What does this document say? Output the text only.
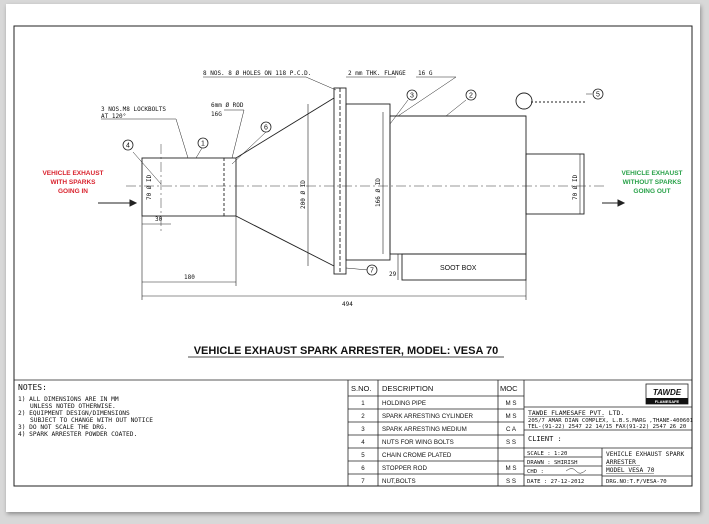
4	1
6
3	2	5
7
8 NOS. 8 Ø HOLES ON 118 P.C.D.	2 mm THK. FLANGE 16 G
3 NOS.M8 LOCKBOLTS
AT 120°
6mm Ø ROD
16G
30
180
494
29
70 Ø ID	200 Ø ID	166 Ø ID	70 Ø ID
SOOT BOX
VEHICLE EXHAUST
WITH SPARKS
GOING IN
VEHICLE EXHAUST
WITHOUT SPARKS
GOING OUT
VEHICLE EXHAUST SPARK ARRESTER, MODEL: VESA 70
NOTES:
1) ALL DIMENSIONS ARE IN MM
UNLESS NOTED OTHERWISE.
2) EQUIPMENT DESIGN/DIMENSIONS
SUBJECT TO CHANGE WITH OUT NOTICE
3) DO NOT SCALE THE DRG.
4) SPARK ARRESTER POWDER COATED.
S.NO. DESCRIPTION	MOC
1	HOLDING PIPE	M S
2	SPARK ARRESTING CYLINDER	M S
3	SPARK ARRESTING MEDIUM	C A
4	NUTS FOR WING BOLTS	S S
5	CHAIN CROME PLATED
6	STOPPER ROD	M S
7	NUT,BOLTS	S S
TAWDE
FLAMESAFE
TAWDE FLAMESAFE PVT. LTD.
205/7 AMAR DIAN COMPLEX, L.B.S.MARG ,THANE-400601
TEL-(91-22) 2547 22 14/15 FAX(91-22) 2547 26 20
CLIENT :
SCALE : 1:20
DRAWN : SHIRISH
CHD :
DATE : 27-12-2012
VEHICLE EXHAUST SPARK
ARRESTER
MODEL VESA 70
DRG.NO:T.F/VESA-70
